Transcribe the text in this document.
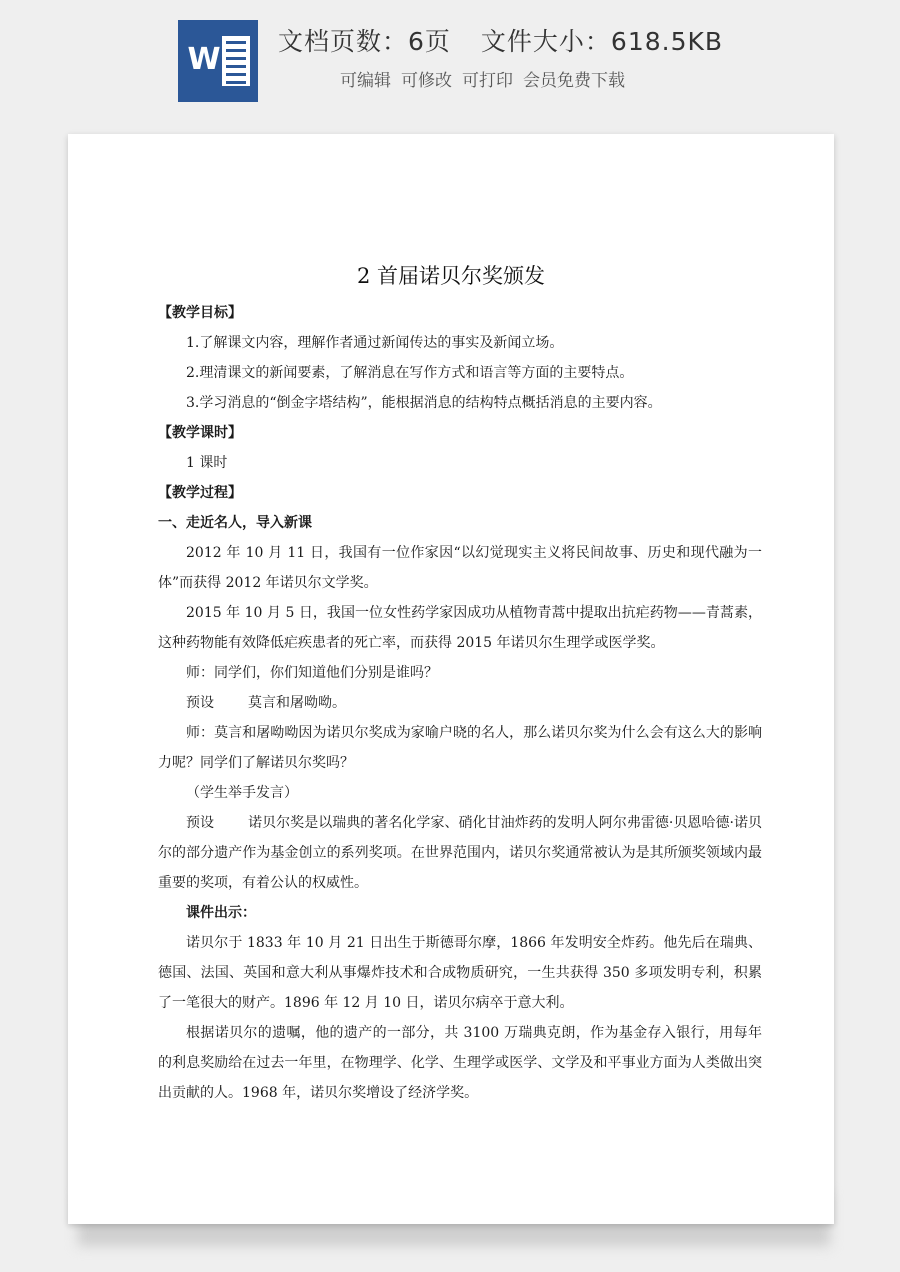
W
文档页数：6页 文件大小：618.5KB
可编辑 可修改 可打印 会员免费下载
2 首届诺贝尔奖颁发

【教学目标】

1.了解课文内容，理解作者通过新闻传达的事实及新闻立场。

2.理清课文的新闻要素，了解消息在写作方式和语言等方面的主要特点。

3.学习消息的“倒金字塔结构”，能根据消息的结构特点概括消息的主要内容。

【教学课时】

1 课时

【教学过程】

一、走近名人，导入新课

2012 年 10 月 11 日，我国有一位作家因“以幻觉现实主义将民间故事、历史和现代融为一体”而获得 2012 年诺贝尔文学奖。

2015 年 10 月 5 日，我国一位女性药学家因成功从植物青蒿中提取出抗疟药物——青蒿素，这种药物能有效降低疟疾患者的死亡率，而获得 2015 年诺贝尔生理学或医学奖。

师：同学们，你们知道他们分别是谁吗？

预设 莫言和屠呦呦。

师：莫言和屠呦呦因为诺贝尔奖成为家喻户晓的名人，那么诺贝尔奖为什么会有这么大的影响力呢？同学们了解诺贝尔奖吗？

（学生举手发言）

预设 诺贝尔奖是以瑞典的著名化学家、硝化甘油炸药的发明人阿尔弗雷德·贝恩哈德·诺贝尔的部分遗产作为基金创立的系列奖项。在世界范围内，诺贝尔奖通常被认为是其所颁奖领域内最重要的奖项，有着公认的权威性。

课件出示：

诺贝尔于 1833 年 10 月 21 日出生于斯德哥尔摩，1866 年发明安全炸药。他先后在瑞典、德国、法国、英国和意大利从事爆炸技术和合成物质研究，一生共获得 350 多项发明专利，积累了一笔很大的财产。1896 年 12 月 10 日，诺贝尔病卒于意大利。

根据诺贝尔的遗嘱，他的遗产的一部分，共 3100 万瑞典克朗，作为基金存入银行，用每年的利息奖励给在过去一年里，在物理学、化学、生理学或医学、文学及和平事业方面为人类做出突出贡献的人。1968 年，诺贝尔奖增设了经济学奖。
